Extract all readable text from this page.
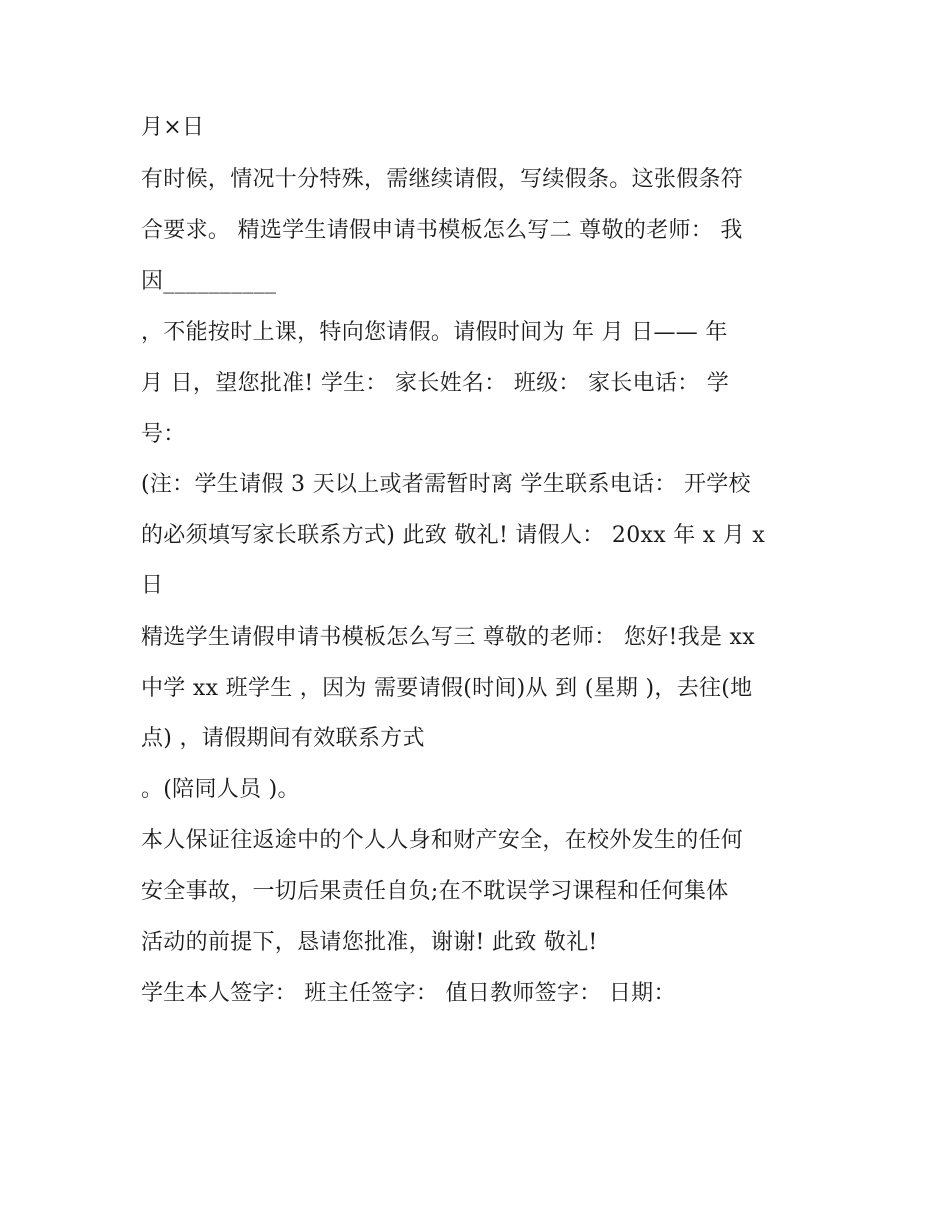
月×日
有时候，情况十分特殊，需继续请假，写续假条。这张假条符
合要求。 精选学生请假申请书模板怎么写二 尊敬的老师： 我
因__________
，不能按时上课，特向您请假。请假时间为 年 月 日—— 年
月 日，望您批准! 学生： 家长姓名： 班级： 家长电话： 学
号：
(注：学生请假 3 天以上或者需暂时离 学生联系电话： 开学校
的必须填写家长联系方式) 此致 敬礼! 请假人： 20xx 年 x 月 x
日
精选学生请假申请书模板怎么写三 尊敬的老师： 您好!我是 xx
中学 xx 班学生 ，因为 需要请假(时间)从 到 (星期 )，去往(地
点) ，请假期间有效联系方式
。(陪同人员 )。
本人保证往返途中的个人人身和财产安全，在校外发生的任何
安全事故，一切后果责任自负;在不耽误学习课程和任何集体
活动的前提下，恳请您批准，谢谢! 此致 敬礼!
学生本人签字： 班主任签字： 值日教师签字： 日期：
